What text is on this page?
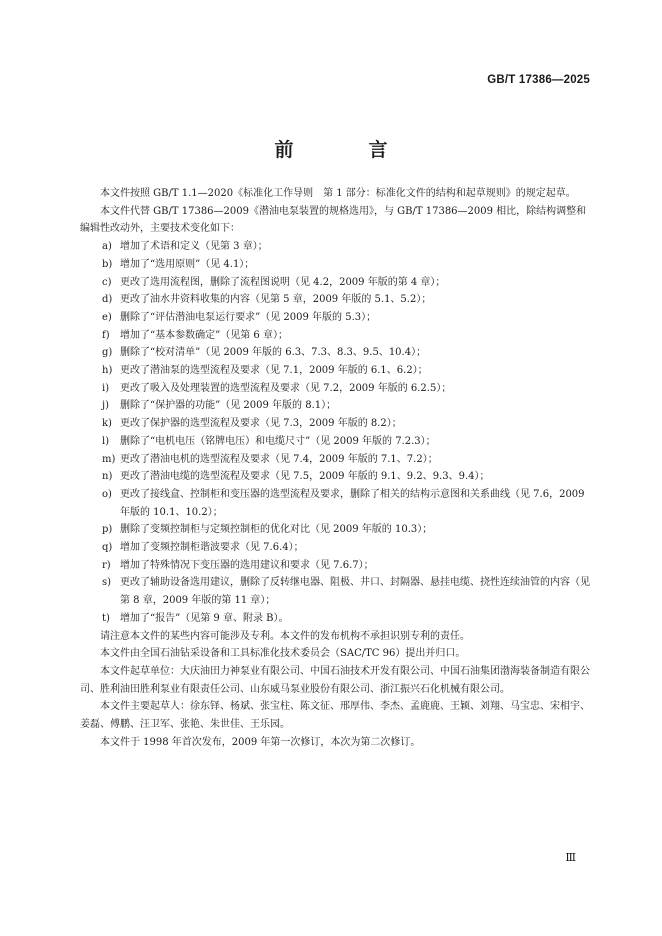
GB/T 17386—2025
前　言

本文件按照 GB/T 1.1—2020《标准化工作导则　第 1 部分：标准化文件的结构和起草规则》的规定起草。

本文件代替 GB/T 17386—2009《潜油电泵装置的规格选用》，与 GB/T 17386—2009 相比，除结构调整和编辑性改动外，主要技术变化如下：

a) 增加了术语和定义（见第 3 章）；
b) 增加了“选用原则”（见 4.1）；
c) 更改了选用流程图，删除了流程图说明（见 4.2，2009 年版的第 4 章）；
d) 更改了油水井资料收集的内容（见第 5 章，2009 年版的 5.1、5.2）；
e) 删除了“评估潜油电泵运行要求”（见 2009 年版的 5.3）；
f)	增加了“基本参数确定”（见第 6 章）；
g) 删除了“校对清单”（见 2009 年版的 6.3、7.3、8.3、9.5、10.4）；
h) 更改了潜油泵的选型流程及要求（见 7.1，2009 年版的 6.1、6.2）；
i)	更改了吸入及处理装置的选型流程及要求（见 7.2，2009 年版的 6.2.5）；
j)	删除了“保护器的功能”（见 2009 年版的 8.1）；
k) 更改了保护器的选型流程及要求（见 7.3，2009 年版的 8.2）；
l)	删除了“电机电压（铭牌电压）和电缆尺寸”（见 2009 年版的 7.2.3）；
m) 更改了潜油电机的选型流程及要求（见 7.4，2009 年版的 7.1、7.2）；
n) 更改了潜油电缆的选型流程及要求（见 7.5，2009 年版的 9.1、9.2、9.3、9.4）；
o) 更改了接线盒、控制柜和变压器的选型流程及要求，删除了相关的结构示意图和关系曲线（见 7.6，2009 年版的 10.1、10.2）；
p) 删除了变频控制柜与定频控制柜的优化对比（见 2009 年版的 10.3）；
q) 增加了变频控制柜谐波要求（见 7.6.4）；
r) 增加了特殊情况下变压器的选用建议和要求（见 7.6.7）；
s) 更改了辅助设备选用建议，删除了反转继电器、阻极、井口、封隔器、悬挂电缆、挠性连续油管的内容（见第 8 章，2009 年版的第 11 章）；
t)	增加了“报告”（见第 9 章、附录 B）。

请注意本文件的某些内容可能涉及专利。本文件的发布机构不承担识别专利的责任。

本文件由全国石油钻采设备和工具标准化技术委员会（SAC/TC 96）提出并归口。

本文件起草单位：大庆油田力神泵业有限公司、中国石油技术开发有限公司、中国石油集团渤海装备制造有限公司、胜利油田胜利泵业有限责任公司、山东威马泵业股份有限公司、浙江振兴石化机械有限公司。

本文件主要起草人：徐东铎、杨斌、张宝柱、陈文征、邢厚伟、李杰、孟鹿鹿、王颖、刘翔、马宝忠、宋相宇、姜磊、傅鹏、汪卫军、张艳、朱世佳、王乐园。

本文件于 1998 年首次发布，2009 年第一次修订，本次为第二次修订。

Ⅲ
